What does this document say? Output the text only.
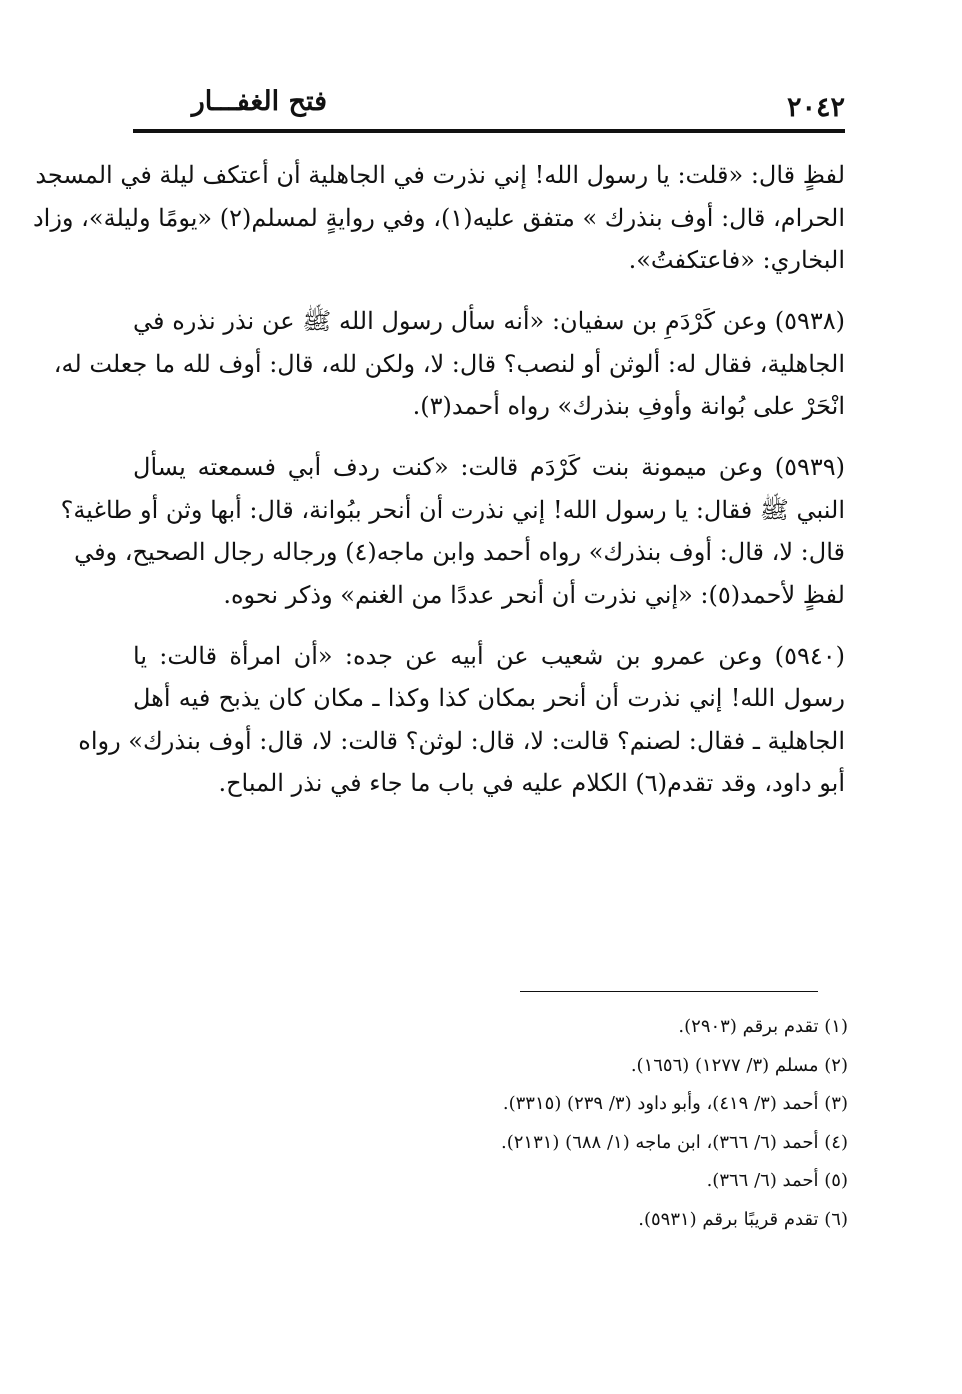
٢٠٤٢
فتح الغفـــار
لفظٍ قال: «قلت: يا رسول الله! إني نذرت في الجاهلية أن أعتكف ليلة في المسجد
الحرام، قال: أوف بنذرك » متفق عليه(١)، وفي روايةٍ لمسلم(٢) «يومًا وليلة»، وزاد
البخاري: «فاعتكفتُ».
(٥٩٣٨) وعن كَرْدَمِ بن سفيان: «أنه سأل رسول الله ﷺ عن نذر نذره في
الجاهلية، فقال له: ألوثن أو لنصب؟ قال: لا، ولكن لله، قال: أوف لله ما جعلت له،
انْحَرْ على بُوانة وأوفِ بنذرك» رواه أحمد(٣).
(٥٩٣٩) وعن ميمونة بنت كَرْدَم قالت: «كنت ردف أبي فسمعته يسأل
النبي ﷺ فقال: يا رسول الله! إني نذرت أن أنحر ببُوانة، قال: أبها وثن أو طاغية؟
قال: لا، قال: أوف بنذرك» رواه أحمد وابن ماجه(٤) ورجاله رجال الصحيح، وفي
لفظٍ لأحمد(٥): «إني نذرت أن أنحر عددًا من الغنم» وذكر نحوه.
(٥٩٤٠) وعن عمرو بن شعيب عن أبيه عن جده: «أن امرأة قالت: يا
رسول الله! إني نذرت أن أنحر بمكان كذا وكذا ـ مكان كان يذبح فيه أهل
الجاهلية ـ فقال: لصنم؟ قالت: لا، قال: لوثن؟ قالت: لا، قال: أوف بنذرك» رواه
أبو داود، وقد تقدم(٦) الكلام عليه في باب ما جاء في نذر المباح.
(١) تقدم برقم (٢٩٠٣).
(٢) مسلم (٣/ ١٢٧٧) (١٦٥٦).
(٣) أحمد (٣/ ٤١٩)، وأبو داود (٣/ ٢٣٩) (٣٣١٥).
(٤) أحمد (٦/ ٣٦٦)، ابن ماجه (١/ ٦٨٨) (٢١٣١).
(٥) أحمد (٦/ ٣٦٦).
(٦) تقدم قريبًا برقم (٥٩٣١).
